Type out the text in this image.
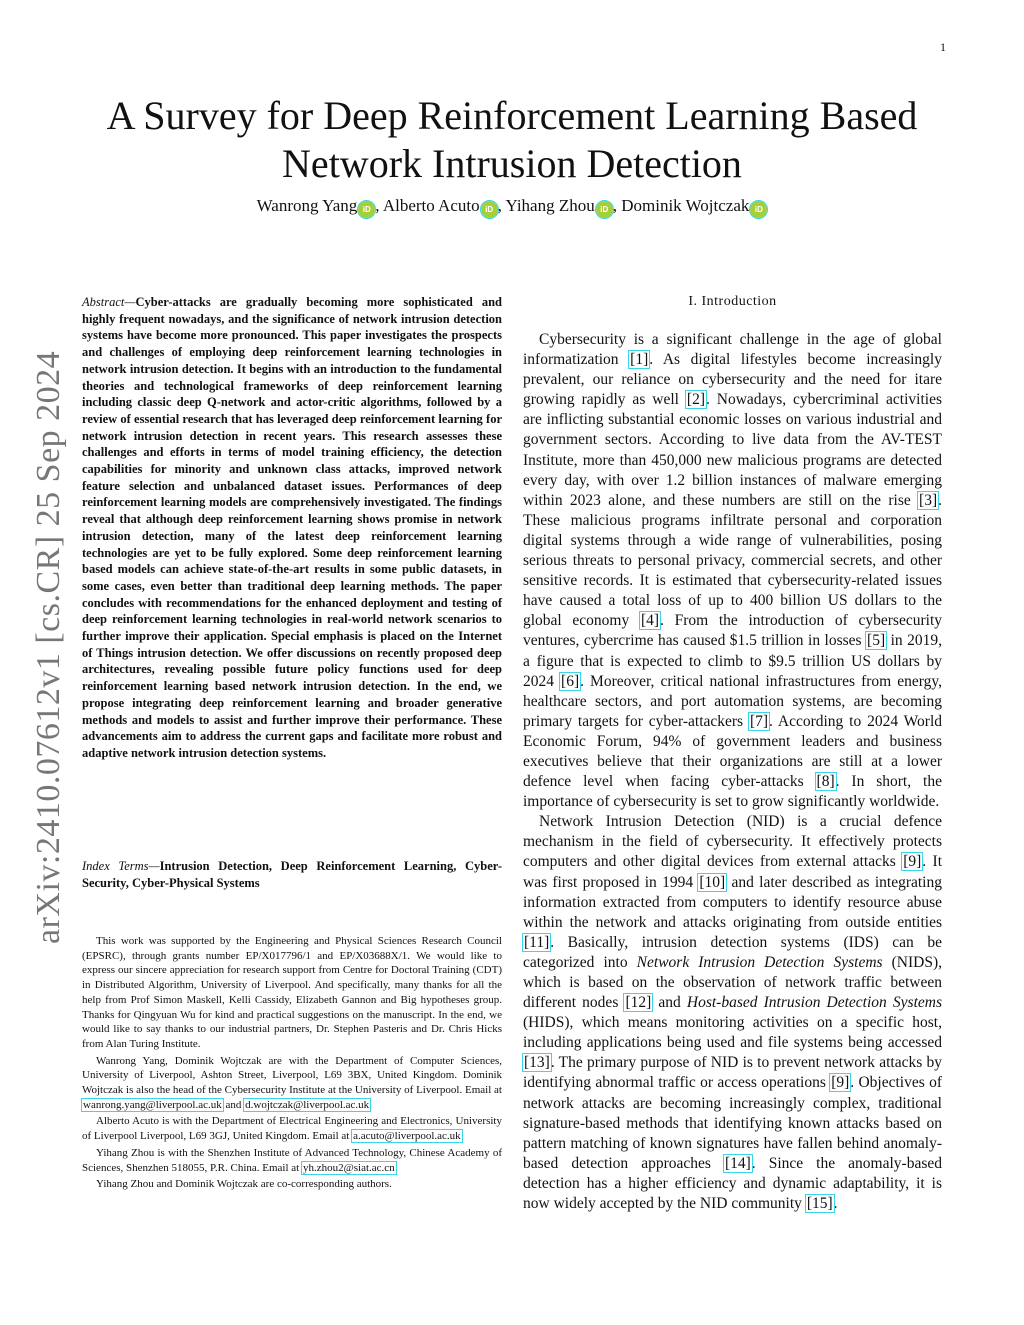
1
arXiv:2410.07612v1 [cs.CR] 25 Sep 2024
A Survey for Deep Reinforcement Learning Based
Network Intrusion Detection
Wanrong Yang iD , Alberto Acuto iD , Yihang Zhou iD , Dominik Wojtczak iD

Abstract—Cyber-attacks are gradually becoming more sophisticated and highly frequent nowadays, and the significance of network intrusion detection systems have become more pronounced. This paper investigates the prospects and challenges of employing deep reinforcement learning technologies in network intrusion detection. It begins with an introduction to the fundamental theories and technological frameworks of deep reinforcement learning including classic deep Q-network and actor-critic algorithms, followed by a review of essential research that has leveraged deep reinforcement learning for network intrusion detection in recent years. This research assesses these challenges and efforts in terms of model training efficiency, the detection capabilities for minority and unknown class attacks, improved network feature selection and unbalanced dataset issues. Performances of deep reinforcement learning models are comprehensively investigated. The findings reveal that although deep reinforcement learning shows promise in network intrusion detection, many of the latest deep reinforcement learning technologies are yet to be fully explored. Some deep reinforcement learning based models can achieve state-of-the-art results in some public datasets, in some cases, even better than traditional deep learning methods. The paper concludes with recommendations for the enhanced deployment and testing of deep reinforcement learning technologies in real-world network scenarios to further improve their application. Special emphasis is placed on the Internet of Things intrusion detection. We offer discussions on recently proposed deep architectures, revealing possible future policy functions used for deep reinforcement learning based network intrusion detection. In the end, we propose integrating deep reinforcement learning and broader generative methods and models to assist and further improve their performance. These advancements aim to address the current gaps and facilitate more robust and adaptive network intrusion detection systems.

Index Terms—Intrusion Detection, Deep Reinforcement Learning, Cyber-Security, Cyber-Physical Systems

This work was supported by the Engineering and Physical Sciences Research Council (EPSRC), through grants number EP/X017796/1 and EP/X03688X/1. We would like to express our sincere appreciation for research support from Centre for Doctoral Training (CDT) in Distributed Algorithm, University of Liverpool. And specifically, many thanks for all the help from Prof Simon Maskell, Kelli Cassidy, Elizabeth Gannon and Big hypotheses group. Thanks for Qingyuan Wu for kind and practical suggestions on the manuscript. In the end, we would like to say thanks to our industrial partners, Dr. Stephen Pasteris and Dr. Chris Hicks from Alan Turing Institute.

Wanrong Yang, Dominik Wojtczak are with the Department of Computer Sciences, University of Liverpool, Ashton Street, Liverpool, L69 3BX, United Kingdom. Dominik Wojtczak is also the head of the Cybersecurity Institute at the University of Liverpool. Email at wanrong.yang@liverpool.ac.uk and d.wojtczak@liverpool.ac.uk

Alberto Acuto is with the Department of Electrical Engineering and Electronics, University of Liverpool Liverpool, L69 3GJ, United Kingdom. Email at a.acuto@liverpool.ac.uk

Yihang Zhou is with the Shenzhen Institute of Advanced Technology, Chinese Academy of Sciences, Shenzhen 518055, P.R. China. Email at yh.zhou2@siat.ac.cn

Yihang Zhou and Dominik Wojtczak are co-corresponding authors.

I. Introduction

Cybersecurity is a significant challenge in the age of global informatization [1]. As digital lifestyles become increasingly prevalent, our reliance on cybersecurity and the need for itare growing rapidly as well [2]. Nowadays, cybercriminal activities are inflicting substantial economic losses on various industrial and government sectors. According to live data from the AV-TEST Institute, more than 450,000 new malicious programs are detected every day, with over 1.2 billion instances of malware emerging within 2023 alone, and these numbers are still on the rise [3]. These malicious programs infiltrate personal and corporation digital systems through a wide range of vulnerabilities, posing serious threats to personal privacy, commercial secrets, and other sensitive records. It is estimated that cybersecurity-related issues have caused a total loss of up to 400 billion US dollars to the global economy [4]. From the introduction of cybersecurity ventures, cybercrime has caused $1.5 trillion in losses [5] in 2019, a figure that is expected to climb to $9.5 trillion US dollars by 2024 [6]. Moreover, critical national infrastructures from energy, healthcare sectors, and port automation systems, are becoming primary targets for cyber-attackers [7]. According to 2024 World Economic Forum, 94% of government leaders and business executives believe that their organizations are still at a lower defence level when facing cyber-attacks [8]. In short, the importance of cybersecurity is set to grow significantly worldwide.

Network Intrusion Detection (NID) is a crucial defence mechanism in the field of cybersecurity. It effectively protects computers and other digital devices from external attacks [9]. It was first proposed in 1994 [10] and later described as integrating information extracted from computers to identify resource abuse within the network and attacks originating from outside entities [11]. Basically, intrusion detection systems (IDS) can be categorized into Network Intrusion Detection Systems (NIDS), which is based on the observation of network traffic between different nodes [12] and Host-based Intrusion Detection Systems (HIDS), which means monitoring activities on a specific host, including applications being used and file systems being accessed [13]. The primary purpose of NID is to prevent network attacks by identifying abnormal traffic or access operations [9]. Objectives of network attacks are becoming increasingly complex, traditional signature-based methods that identifying known attacks based on pattern matching of known signatures have fallen behind anomaly-based detection approaches [14]. Since the anomaly-based detection has a higher efficiency and dynamic adaptability, it is now widely accepted by the NID community [15].
